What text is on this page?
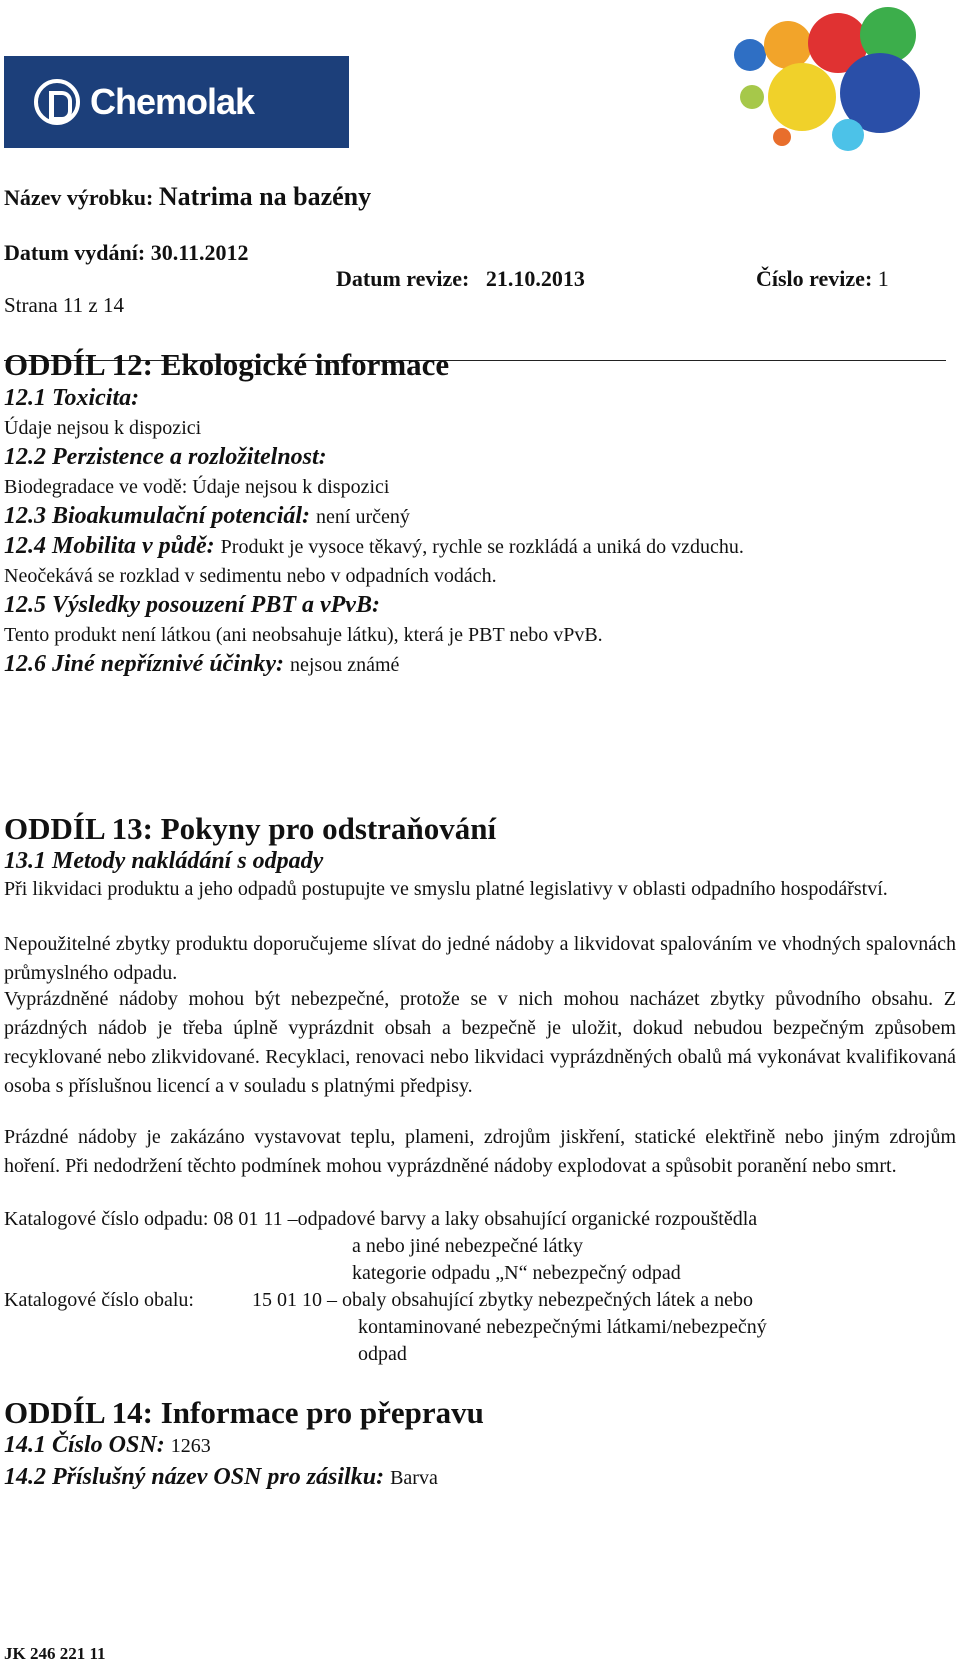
Chemolak
Název výrobku: Natrima na bazény
Datum vydání: 30.11.2012
Datum revize: 21.10.2013	Číslo revize: 1
Strana 11 z 14
ODDÍL 12: Ekologické informace
12.1 Toxicita:
Údaje nejsou k dispozici
12.2 Perzistence a rozložitelnost:
Biodegradace ve vodě: Údaje nejsou k dispozici
12.3 Bioakumulační potenciál: není určený
12.4 Mobilita v půdě: Produkt je vysoce těkavý, rychle se rozkládá a uniká do vzduchu.
Neočekává se rozklad v sedimentu nebo v odpadních vodách.
12.5 Výsledky posouzení PBT a vPvB:
Tento produkt není látkou (ani neobsahuje látku), která je PBT nebo vPvB.
12.6 Jiné nepříznivé účinky: nejsou známé
ODDÍL 13: Pokyny pro odstraňování
13.1 Metody nakládání s odpady
Při likvidaci produktu a jeho odpadů postupujte ve smyslu platné legislativy v oblasti odpadního hospodářství.
Nepoužitelné zbytky produktu doporučujeme slívat do jedné nádoby a likvidovat spalováním ve vhodných spalovnách průmyslného odpadu.
Vyprázdněné nádoby mohou být nebezpečné, protože se v nich mohou nacházet zbytky původního obsahu. Z prázdných nádob je třeba úplně vyprázdnit obsah a bezpečně je uložit, dokud nebudou bezpečným způsobem recyklované nebo zlikvidované. Recyklaci, renovaci nebo likvidaci vyprázdněných obalů má vykonávat kvalifikovaná osoba s příslušnou licencí a v souladu s platnými předpisy.
Prázdné nádoby je zakázáno vystavovat teplu, plameni, zdrojům jiskření, statické elektřině nebo jiným zdrojům hoření. Při nedodržení těchto podmínek mohou vyprázdněné nádoby explodovat a spůsobit poranění nebo smrt.
Katalogové číslo odpadu: 08 01 11 –odpadové barvy a laky obsahující organické rozpouštědla
a nebo jiné nebezpečné látky
kategorie odpadu „N“ nebezpečný odpad
Katalogové číslo obalu:	15 01 10 – obaly obsahující zbytky nebezpečných látek a nebo
kontaminované nebezpečnými látkami/nebezpečný
odpad
ODDÍL 14: Informace pro přepravu
14.1 Číslo OSN: 1263
14.2 Příslušný název OSN pro zásilku: Barva
JK 246 221 11
